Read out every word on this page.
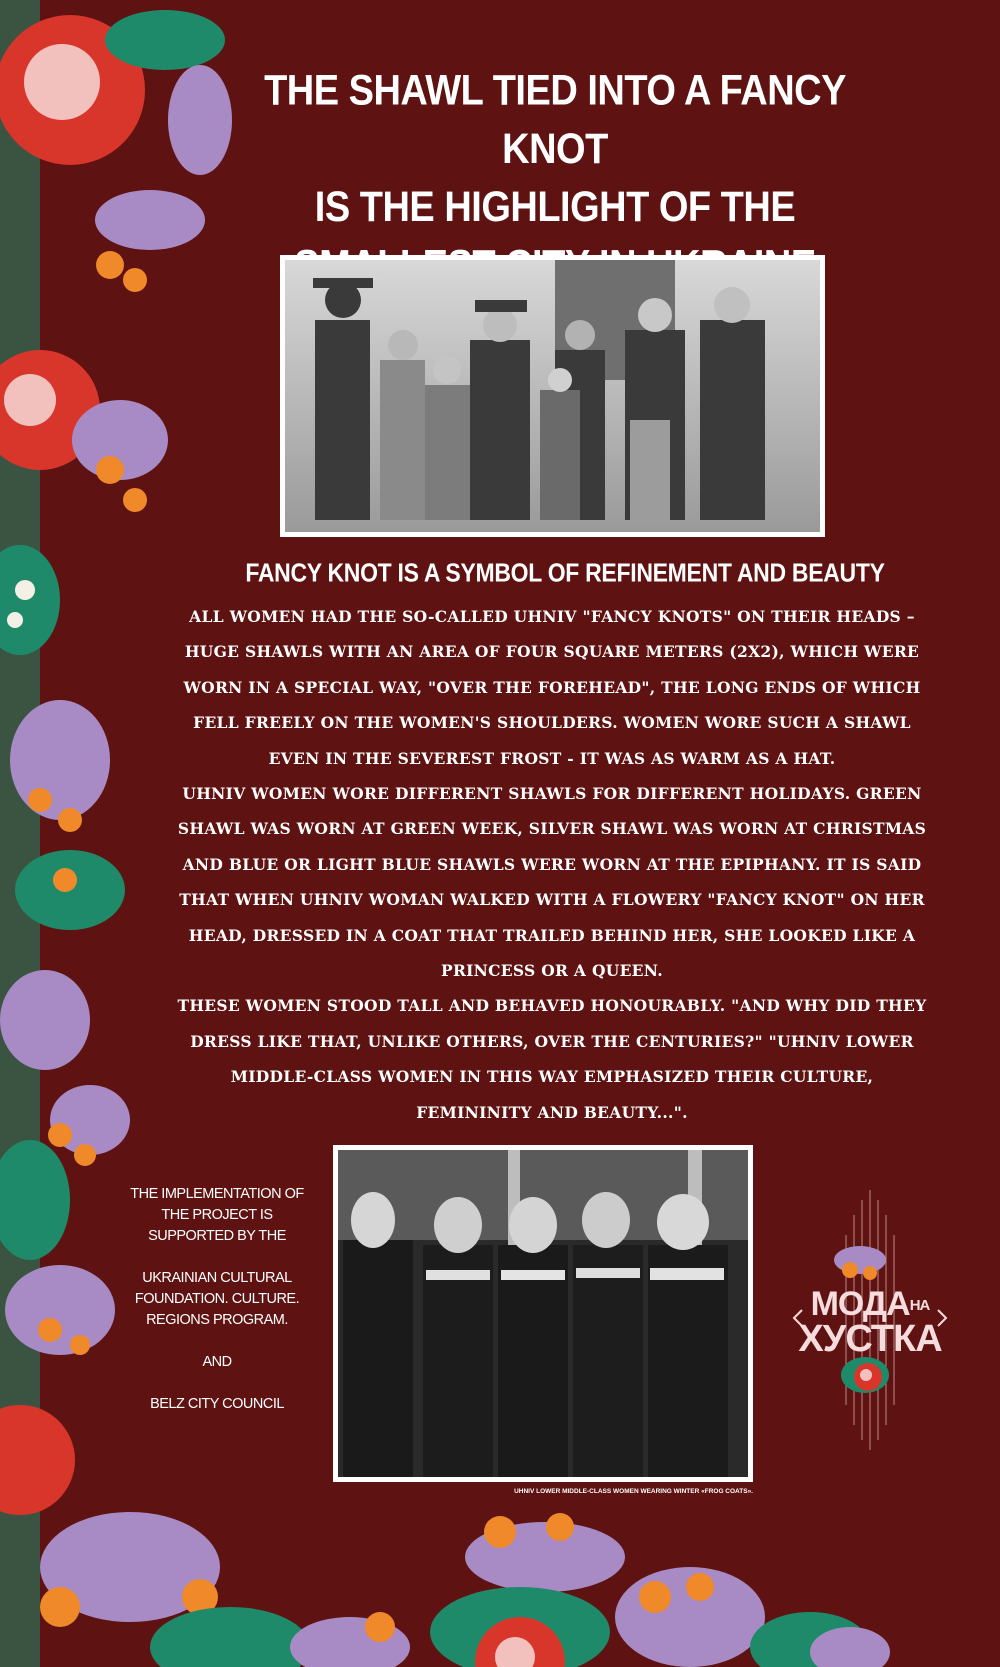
THE SHAWL TIED INTO A FANCY KNOT
IS THE HIGHLIGHT OF THE
FANCY KNOT IS A SYMBOL OF REFINEMENT AND BEAUTY

ALL WOMEN HAD THE SO-CALLED UHNIV "FANCY KNOTS" ON THEIR HEADS – HUGE SHAWLS WITH AN AREA OF FOUR SQUARE METERS (2X2), WHICH WERE WORN IN A SPECIAL WAY, "OVER THE FOREHEAD", THE LONG ENDS OF WHICH FELL FREELY ON THE WOMEN'S SHOULDERS. WOMEN WORE SUCH A SHAWL EVEN IN THE SEVEREST FROST - IT WAS AS WARM AS A HAT.

UHNIV WOMEN WORE DIFFERENT SHAWLS FOR DIFFERENT HOLIDAYS. GREEN SHAWL WAS WORN AT GREEN WEEK, SILVER SHAWL WAS WORN AT CHRISTMAS AND BLUE OR LIGHT BLUE SHAWLS WERE WORN AT THE EPIPHANY. IT IS SAID THAT WHEN UHNIV WOMAN WALKED WITH A FLOWERY "FANCY KNOT" ON HER HEAD, DRESSED IN A COAT THAT TRAILED BEHIND HER, SHE LOOKED LIKE A PRINCESS OR A QUEEN.

THESE WOMEN STOOD TALL AND BEHAVED HONOURABLY. "AND WHY DID THEY DRESS LIKE THAT, UNLIKE OTHERS, OVER THE CENTURIES?" "UHNIV LOWER MIDDLE-CLASS WOMEN IN THIS WAY EMPHASIZED THEIR CULTURE, FEMININITY AND BEAUTY...".

THE IMPLEMENTATION OF THE PROJECT IS SUPPORTED BY THE

UKRAINIAN CULTURAL FOUNDATION. CULTURE. REGIONS PROGRAM.

AND

BELZ CITY COUNCIL

UHNIV LOWER MIDDLE-CLASS WOMEN WEARING WINTER «FROG COATS».
МОДАНА
ХУСТКА
